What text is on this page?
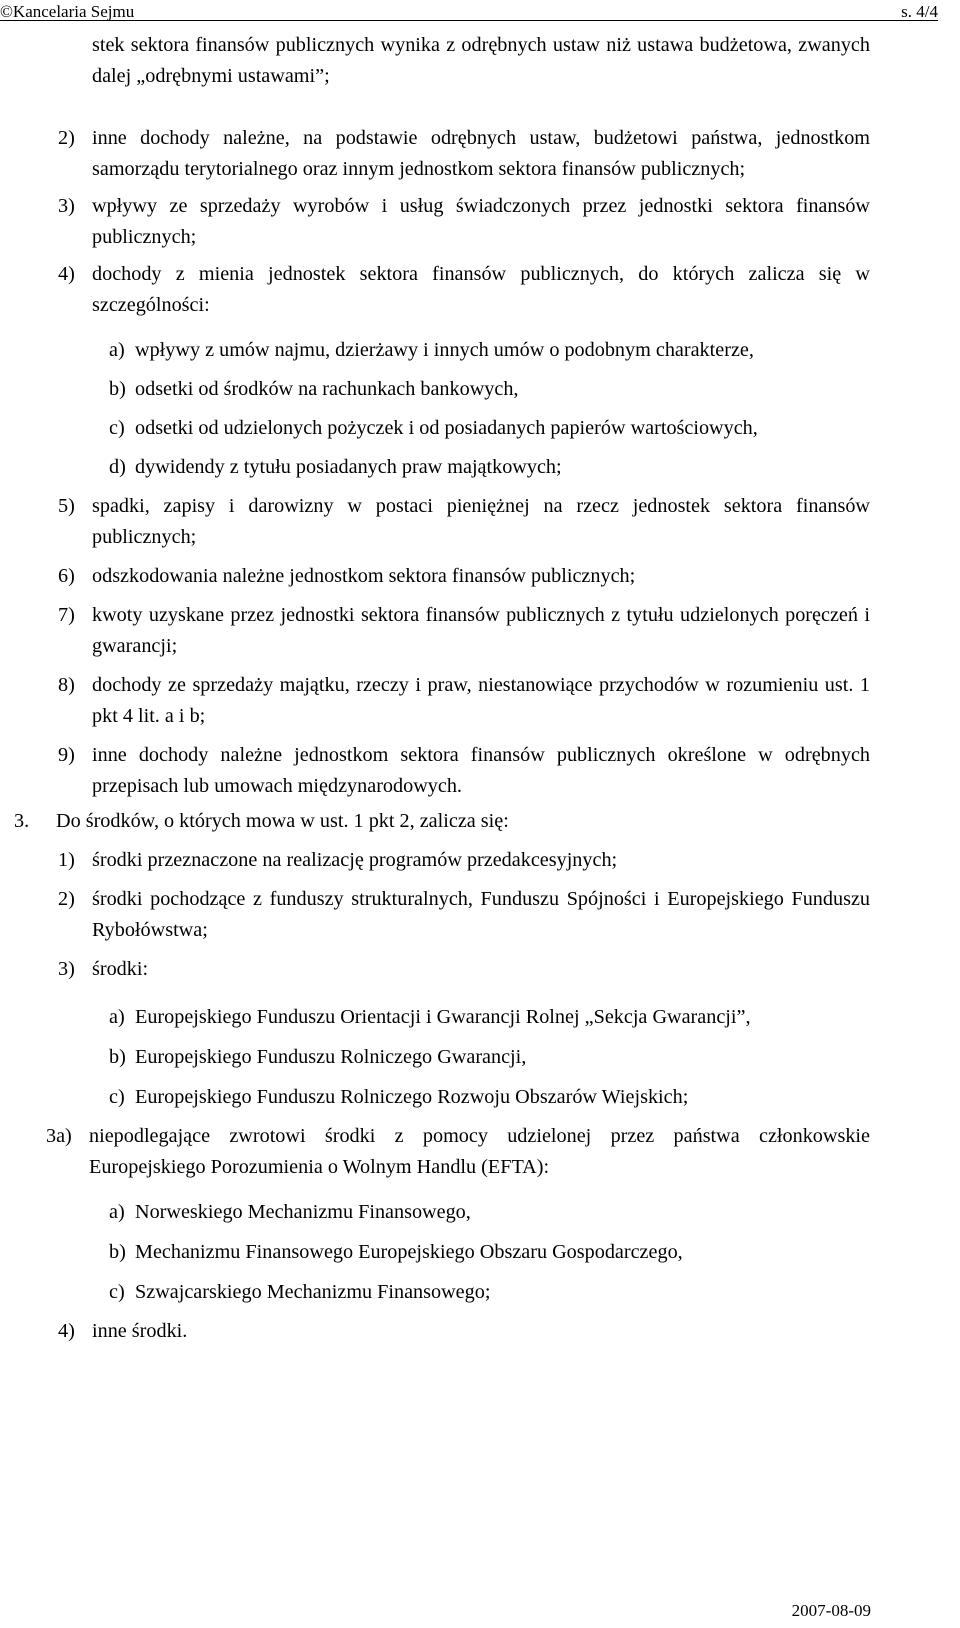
©Kancelaria Sejmu	s. 4/4
stek sektora finansów publicznych wynika z odrębnych ustaw niż ustawa budżetowa, zwanych dalej „odrębnymi ustawami”;
2) inne dochody należne, na podstawie odrębnych ustaw, budżetowi państwa, jednostkom samorządu terytorialnego oraz innym jednostkom sektora finansów publicznych;
3) wpływy ze sprzedaży wyrobów i usług świadczonych przez jednostki sektora finansów publicznych;
4) dochody z mienia jednostek sektora finansów publicznych, do których zalicza się w szczególności:
a) wpływy z umów najmu, dzierżawy i innych umów o podobnym charakterze,
b) odsetki od środków na rachunkach bankowych,
c) odsetki od udzielonych pożyczek i od posiadanych papierów wartościowych,
d) dywidendy z tytułu posiadanych praw majątkowych;
5) spadki, zapisy i darowizny w postaci pieniężnej na rzecz jednostek sektora finansów publicznych;
6) odszkodowania należne jednostkom sektora finansów publicznych;
7) kwoty uzyskane przez jednostki sektora finansów publicznych z tytułu udzielonych poręczeń i gwarancji;
8) dochody ze sprzedaży majątku, rzeczy i praw, niestanowiące przychodów w rozumieniu ust. 1 pkt 4 lit. a i b;
9) inne dochody należne jednostkom sektora finansów publicznych określone w odrębnych przepisach lub umowach międzynarodowych.
3. Do środków, o których mowa w ust. 1 pkt 2, zalicza się:
1) środki przeznaczone na realizację programów przedakcesyjnych;
2) środki pochodzące z funduszy strukturalnych, Funduszu Spójności i Europejskiego Funduszu Rybołówstwa;
3) środki:
a) Europejskiego Funduszu Orientacji i Gwarancji Rolnej „Sekcja Gwarancji”,
b) Europejskiego Funduszu Rolniczego Gwarancji,
c) Europejskiego Funduszu Rolniczego Rozwoju Obszarów Wiejskich;
3a) niepodlegające zwrotowi środki z pomocy udzielonej przez państwa członkowskie Europejskiego Porozumienia o Wolnym Handlu (EFTA):
a) Norweskiego Mechanizmu Finansowego,
b) Mechanizmu Finansowego Europejskiego Obszaru Gospodarczego,
c) Szwajcarskiego Mechanizmu Finansowego;
4) inne środki.
2007-08-09
